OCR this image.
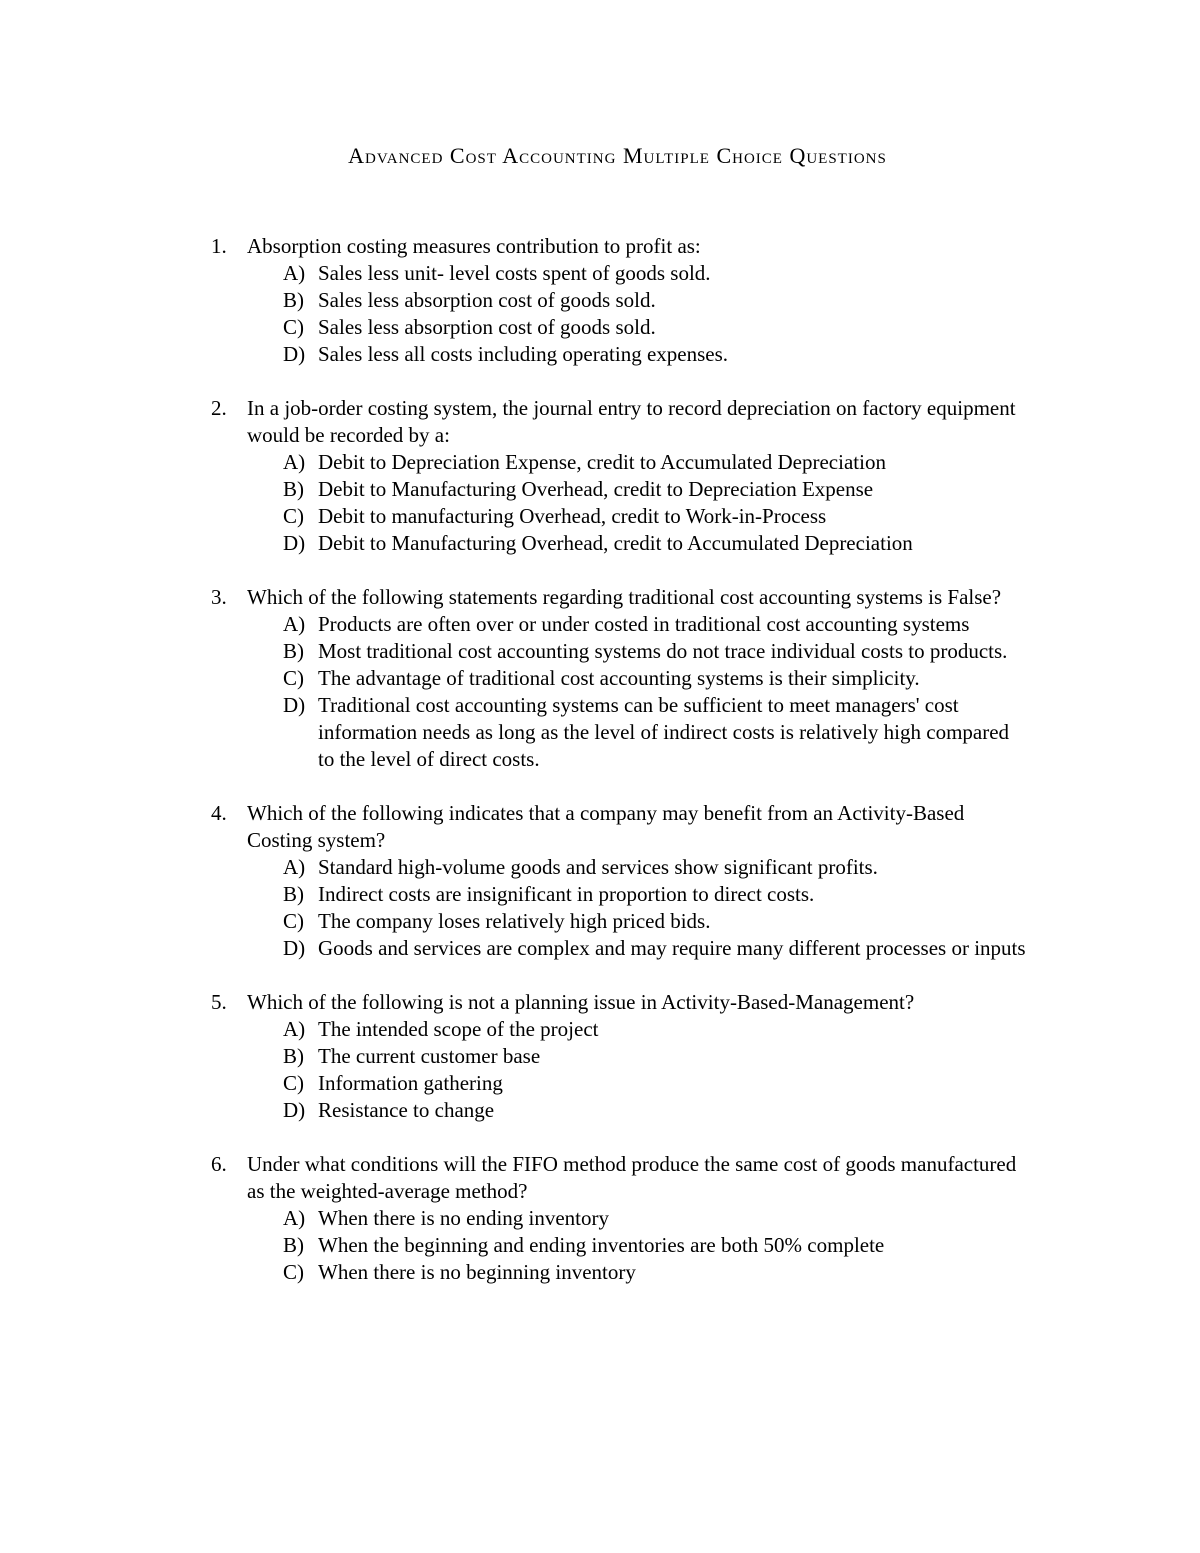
Advanced Cost Accounting Multiple Choice Questions
1. Absorption costing measures contribution to profit as:
A) Sales less unit- level costs spent of goods sold.
B) Sales less absorption cost of goods sold.
C) Sales less absorption cost of goods sold.
D) Sales less all costs including operating expenses.
2. In a job-order costing system, the journal entry to record depreciation on factory equipment would be recorded by a:
A) Debit to Depreciation Expense, credit to Accumulated Depreciation
B) Debit to Manufacturing Overhead, credit to Depreciation Expense
C) Debit to manufacturing Overhead, credit to Work-in-Process
D) Debit to Manufacturing Overhead, credit to Accumulated Depreciation
3. Which of the following statements regarding traditional cost accounting systems is False?
A) Products are often over or under costed in traditional cost accounting systems
B) Most traditional cost accounting systems do not trace individual costs to products.
C) The advantage of traditional cost accounting systems is their simplicity.
D) Traditional cost accounting systems can be sufficient to meet managers' cost information needs as long as the level of indirect costs is relatively high compared to the level of direct costs.
4. Which of the following indicates that a company may benefit from an Activity-Based Costing system?
A) Standard high-volume goods and services show significant profits.
B) Indirect costs are insignificant in proportion to direct costs.
C) The company loses relatively high priced bids.
D) Goods and services are complex and may require many different processes or inputs
5. Which of the following is not a planning issue in Activity-Based-Management?
A) The intended scope of the project
B) The current customer base
C) Information gathering
D) Resistance to change
6. Under what conditions will the FIFO method produce the same cost of goods manufactured as the weighted-average method?
A) When there is no ending inventory
B) When the beginning and ending inventories are both 50% complete
C) When there is no beginning inventory
